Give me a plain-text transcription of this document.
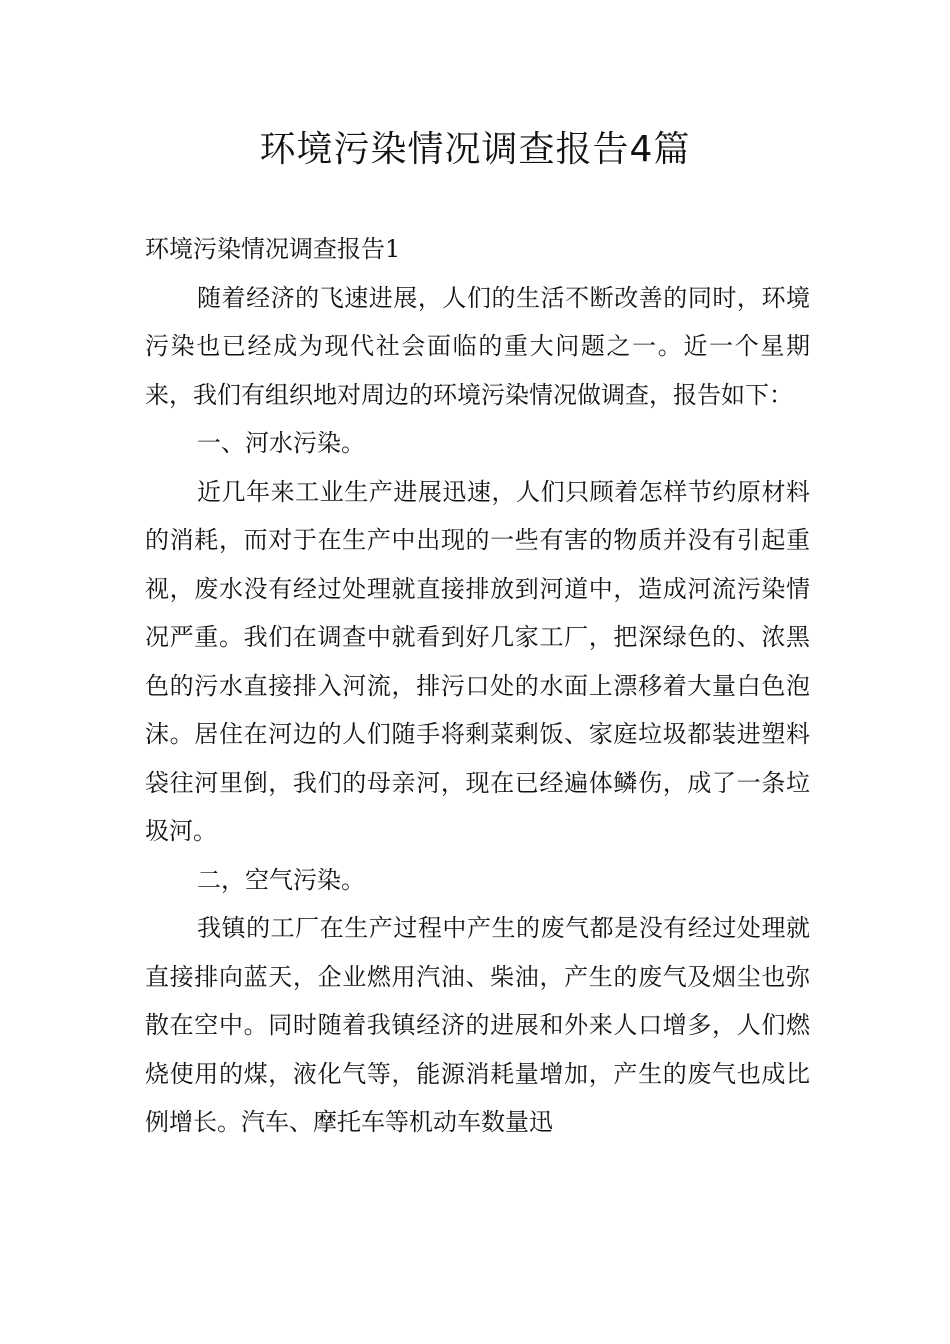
环境污染情况调查报告4篇

环境污染情况调查报告1

随着经济的飞速进展，人们的生活不断改善的同时，环境污染也已经成为现代社会面临的重大问题之一。近一个星期来，我们有组织地对周边的环境污染情况做调查，报告如下：

一、河水污染。

近几年来工业生产进展迅速，人们只顾着怎样节约原材料的消耗，而对于在生产中出现的一些有害的物质并没有引起重视，废水没有经过处理就直接排放到河道中，造成河流污染情况严重。我们在调查中就看到好几家工厂，把深绿色的、浓黑色的污水直接排入河流，排污口处的水面上漂移着大量白色泡沫。居住在河边的人们随手将剩菜剩饭、家庭垃圾都装进塑料袋往河里倒，我们的母亲河，现在已经遍体鳞伤，成了一条垃圾河。

二，空气污染。

我镇的工厂在生产过程中产生的废气都是没有经过处理就直接排向蓝天，企业燃用汽油、柴油，产生的废气及烟尘也弥散在空中。同时随着我镇经济的进展和外来人口增多，人们燃烧使用的煤，液化气等，能源消耗量增加，产生的废气也成比例增长。汽车、摩托车等机动车数量迅
